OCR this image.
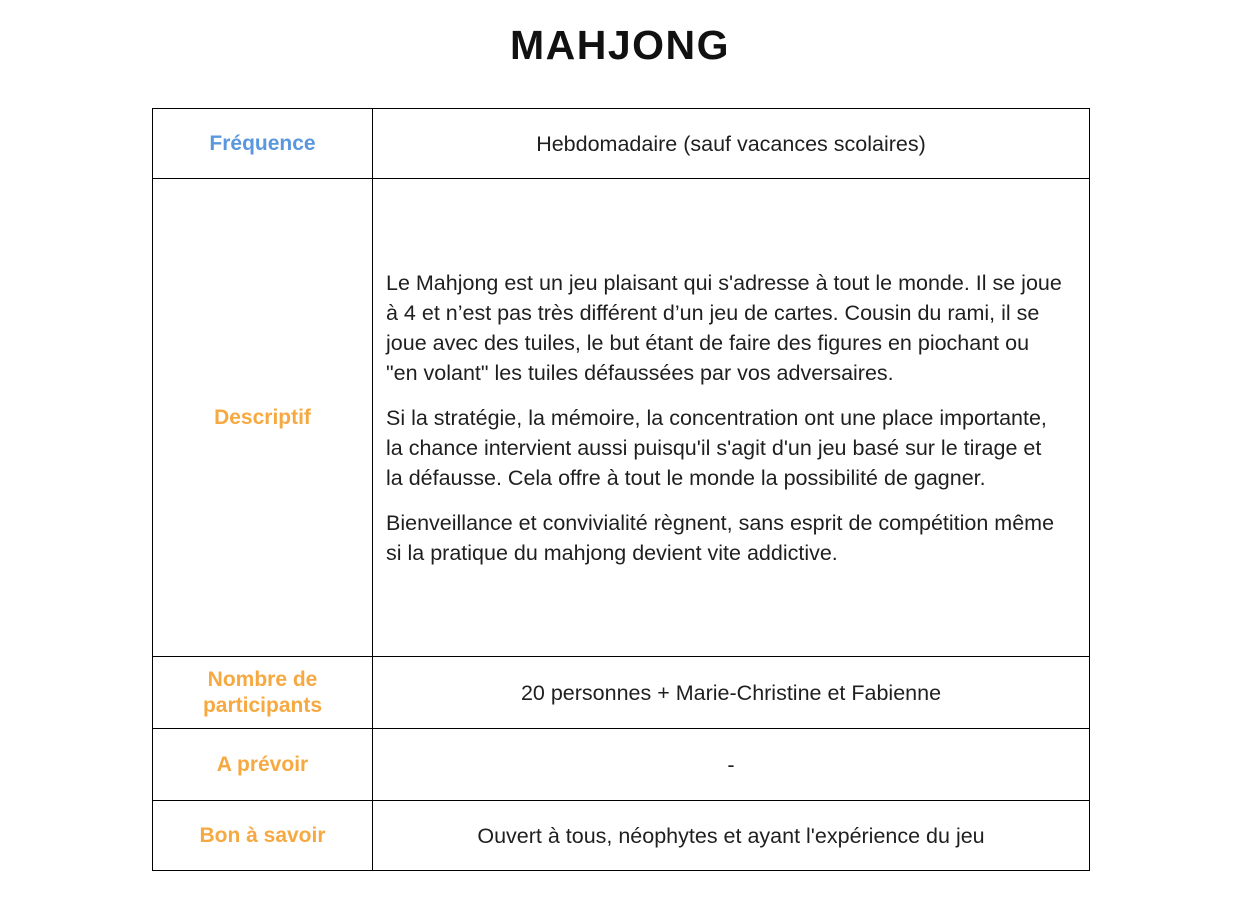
MAHJONG
Fréquence	Hebdomadaire (sauf vacances scolaires)
Descriptif	Le Mahjong est un jeu plaisant qui s'adresse à tout le monde. Il se joue à 4 et n’est pas très différent d’un jeu de cartes. Cousin du rami, il se joue avec des tuiles, le but étant de faire des figures en piochant ou "en volant" les tuiles défaussées par vos adversaires.

Si la stratégie, la mémoire, la concentration ont une place importante, la chance intervient aussi puisqu'il s'agit d'un jeu basé sur le tirage et la défausse. Cela offre à tout le monde la possibilité de gagner.

Bienveillance et convivialité règnent, sans esprit de compétition même si la pratique du mahjong devient vite addictive.

Nombre de participants	20 personnes + Marie-Christine et Fabienne
A prévoir	-
Bon à savoir	Ouvert à tous, néophytes et ayant l'expérience du jeu
